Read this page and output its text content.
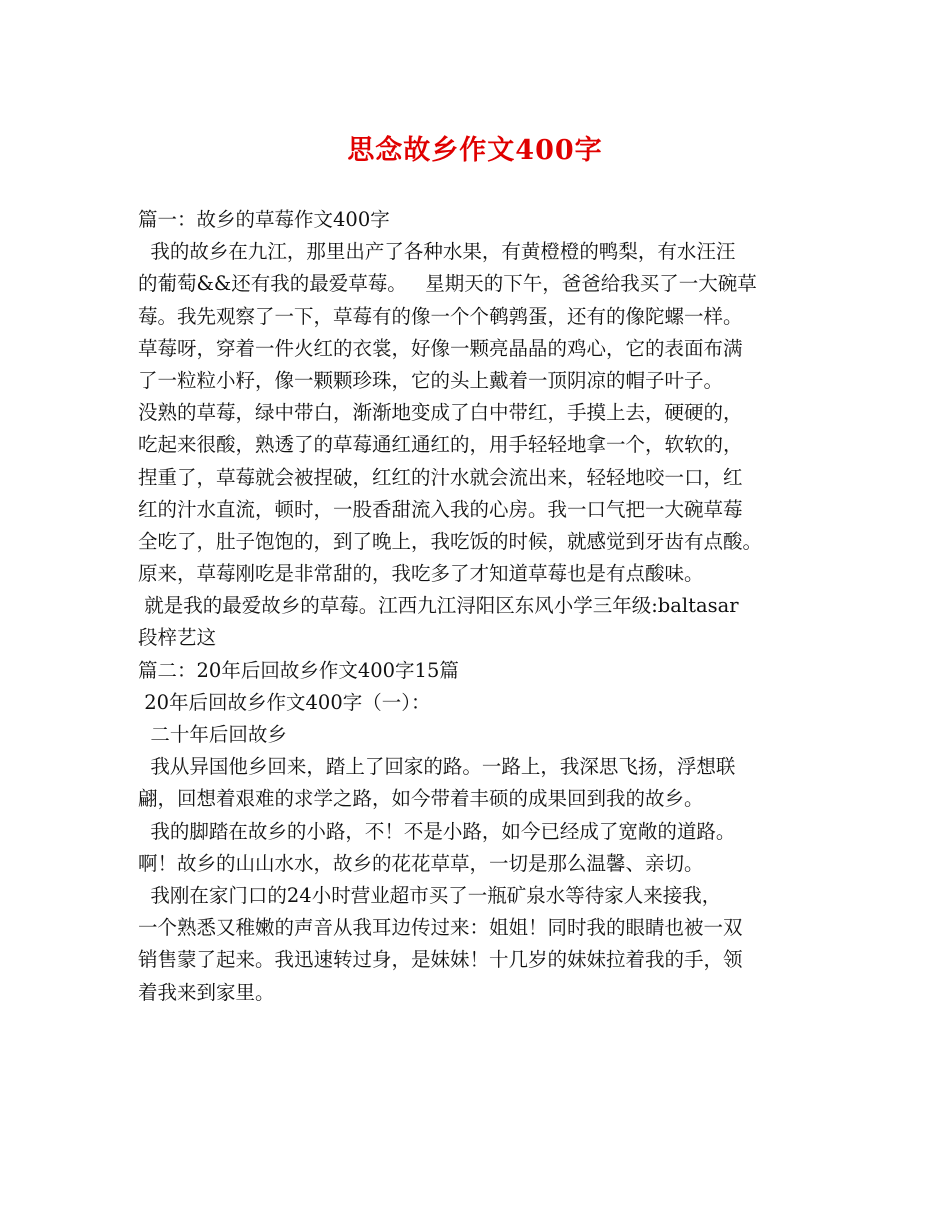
思念故乡作文400字
篇一：故乡的草莓作文400字
我的故乡在九江，那里出产了各种水果，有黄橙橙的鸭梨，有水汪汪
的葡萄&&还有我的最爱草莓。   星期天的下午，爸爸给我买了一大碗草
莓。我先观察了一下，草莓有的像一个个鹌鹑蛋，还有的像陀螺一样。
草莓呀，穿着一件火红的衣裳，好像一颗亮晶晶的鸡心，它的表面布满
了一粒粒小籽，像一颗颗珍珠，它的头上戴着一顶阴凉的帽子叶子。
没熟的草莓，绿中带白，渐渐地变成了白中带红，手摸上去，硬硬的，
吃起来很酸，熟透了的草莓通红通红的，用手轻轻地拿一个，软软的，
捏重了，草莓就会被捏破，红红的汁水就会流出来，轻轻地咬一口，红
红的汁水直流，顿时，一股香甜流入我的心房。我一口气把一大碗草莓
全吃了，肚子饱饱的，到了晚上，我吃饭的时候，就感觉到牙齿有点酸。
原来，草莓刚吃是非常甜的，我吃多了才知道草莓也是有点酸味。
就是我的最爱故乡的草莓。江西九江浔阳区东风小学三年级:baltasar
段梓艺这
篇二：20年后回故乡作文400字15篇
20年后回故乡作文400字（一）：
二十年后回故乡
我从异国他乡回来，踏上了回家的路。一路上，我深思飞扬，浮想联
翩，回想着艰难的求学之路，如今带着丰硕的成果回到我的故乡。
我的脚踏在故乡的小路，不！不是小路，如今已经成了宽敞的道路。
啊！故乡的山山水水，故乡的花花草草，一切是那么温馨、亲切。
我刚在家门口的24小时营业超市买了一瓶矿泉水等待家人来接我，
一个熟悉又稚嫩的声音从我耳边传过来：姐姐！同时我的眼睛也被一双
销售蒙了起来。我迅速转过身，是妹妹！十几岁的妹妹拉着我的手，领
着我来到家里。
